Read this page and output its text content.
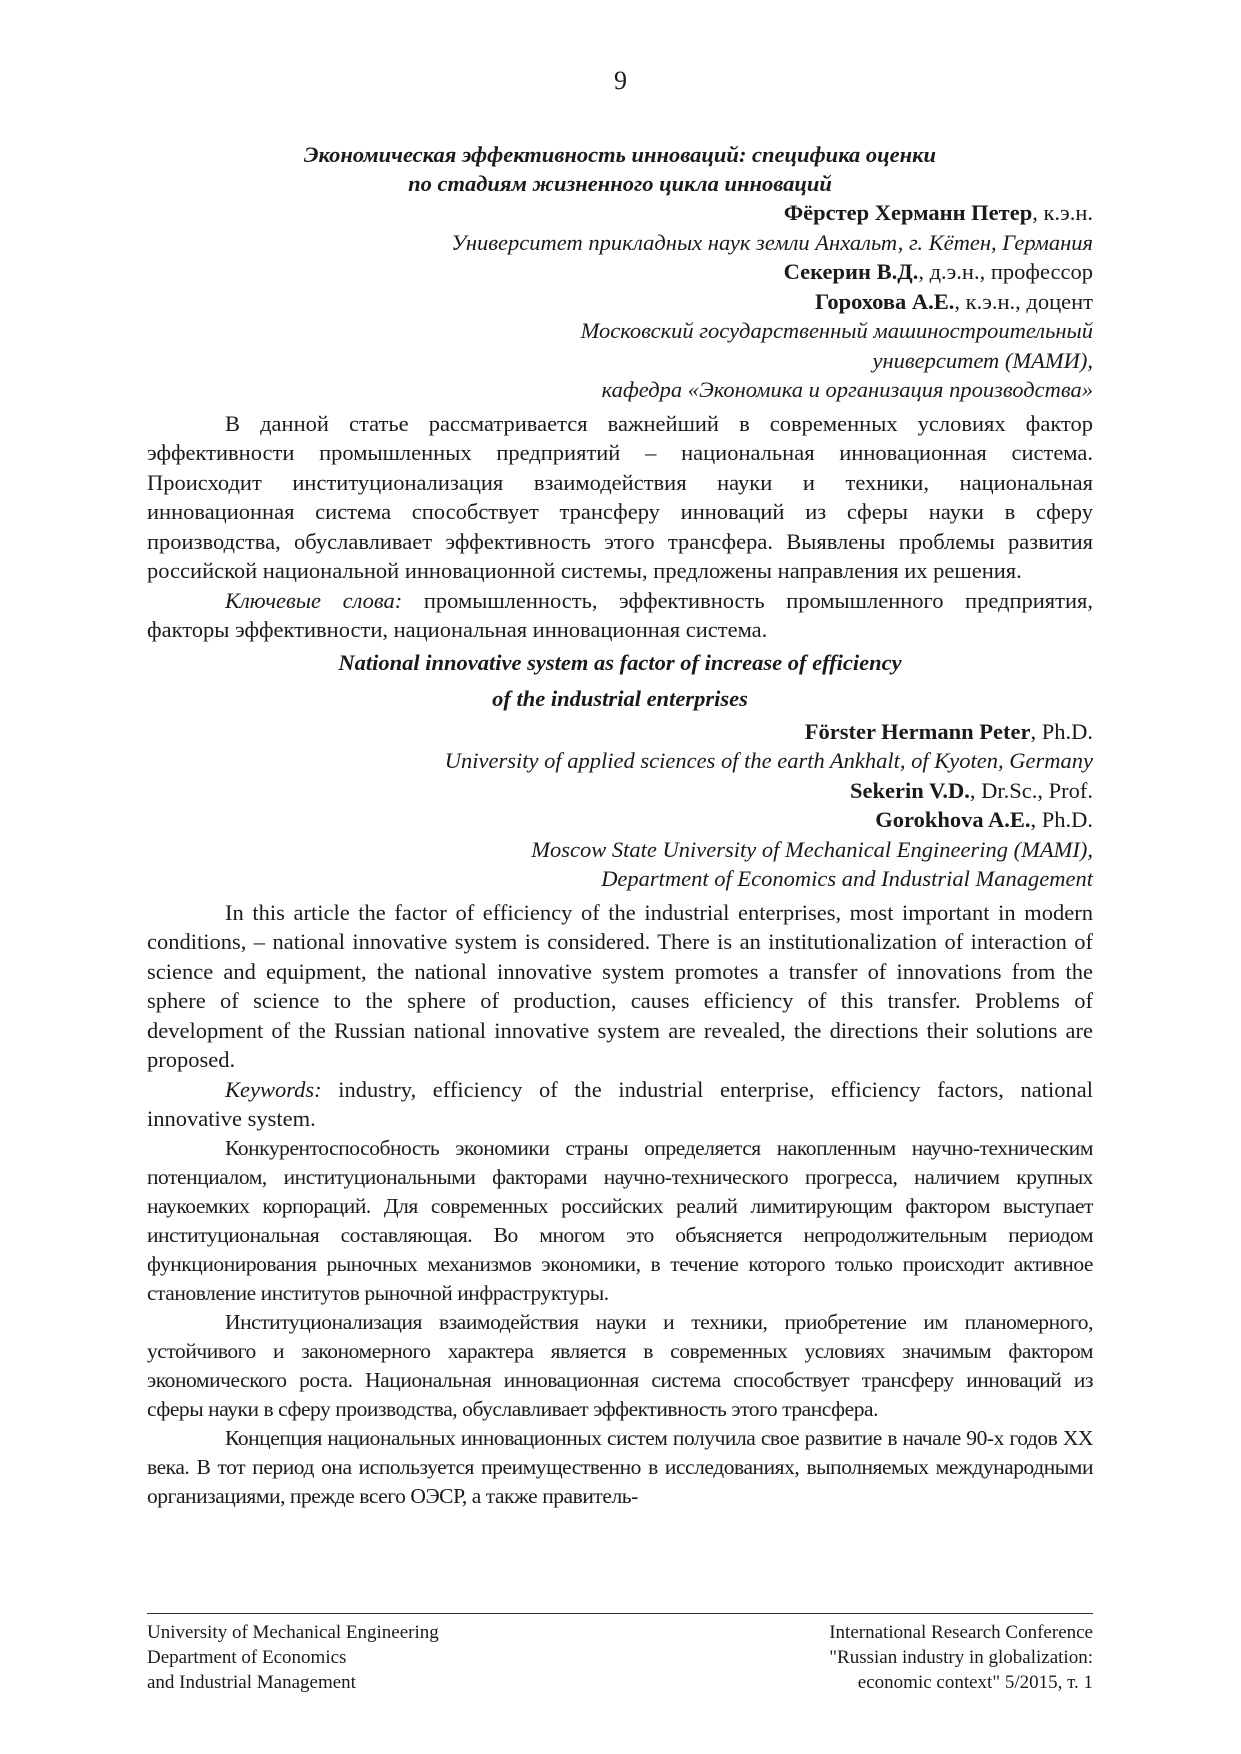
9
Экономическая эффективность инноваций: специфика оценки
по стадиям жизненного цикла инноваций
Фёрстер Херманн Петер, к.э.н.
Университет прикладных наук земли Анхальт, г. Кётен, Германия
Секерин В.Д., д.э.н., профессор
Горохова А.Е., к.э.н., доцент
Московский государственный машиностроительный
университет (МАМИ),
кафедра «Экономика и организация производства»

В данной статье рассматривается важнейший в современных условиях фактор эффективности промышленных предприятий – национальная инновационная система. Происходит институционализация взаимодействия науки и техники, национальная инновационная система способствует трансферу инноваций из сферы науки в сферу производства, обуславливает эффективность этого трансфера. Выявлены проблемы развития российской национальной инновационной системы, предложены направления их решения.

Ключевые слова: промышленность, эффективность промышленного предприятия, факторы эффективности, национальная инновационная система.

National innovative system as factor of increase of efficiency
of the industrial enterprises
Förster Hermann Peter, Ph.D.
University of applied sciences of the earth Ankhalt, of Kyoten, Germany
Sekerin V.D., Dr.Sc., Prof.
Gorokhova A.E., Ph.D.
Moscow State University of Mechanical Engineering (MAMI),
Department of Economics and Industrial Management

In this article the factor of efficiency of the industrial enterprises, most important in modern conditions, – national innovative system is considered. There is an institutionalization of interaction of science and equipment, the national innovative system promotes a transfer of innovations from the sphere of science to the sphere of production, causes efficiency of this transfer. Problems of development of the Russian national innovative system are revealed, the directions their solutions are proposed.

Keywords: industry, efficiency of the industrial enterprise, efficiency factors, national innovative system.

Конкурентоспособность экономики страны определяется накопленным научно-техническим потенциалом, институциональными факторами научно-технического прогресса, наличием крупных наукоемких корпораций. Для современных российских реалий лимитирующим фактором выступает институциональная составляющая. Во многом это объясняется непродолжительным периодом функционирования рыночных механизмов экономики, в течение которого только происходит активное становление институтов рыночной инфраструктуры.

Институционализация взаимодействия науки и техники, приобретение им планомерного, устойчивого и закономерного характера является в современных условиях значимым фактором экономического роста. Национальная инновационная система способствует трансферу инноваций из сферы науки в сферу производства, обуславливает эффективность этого трансфера.

Концепция национальных инновационных систем получила свое развитие в начале 90-х годов XX века. В тот период она используется преимущественно в исследованиях, выполняемых международными организациями, прежде всего ОЭСР, а также правитель-

University of Mechanical Engineering
Department of Economics
and Industrial Management
International Research Conference
"Russian industry in globalization:
economic context" 5/2015, т. 1
